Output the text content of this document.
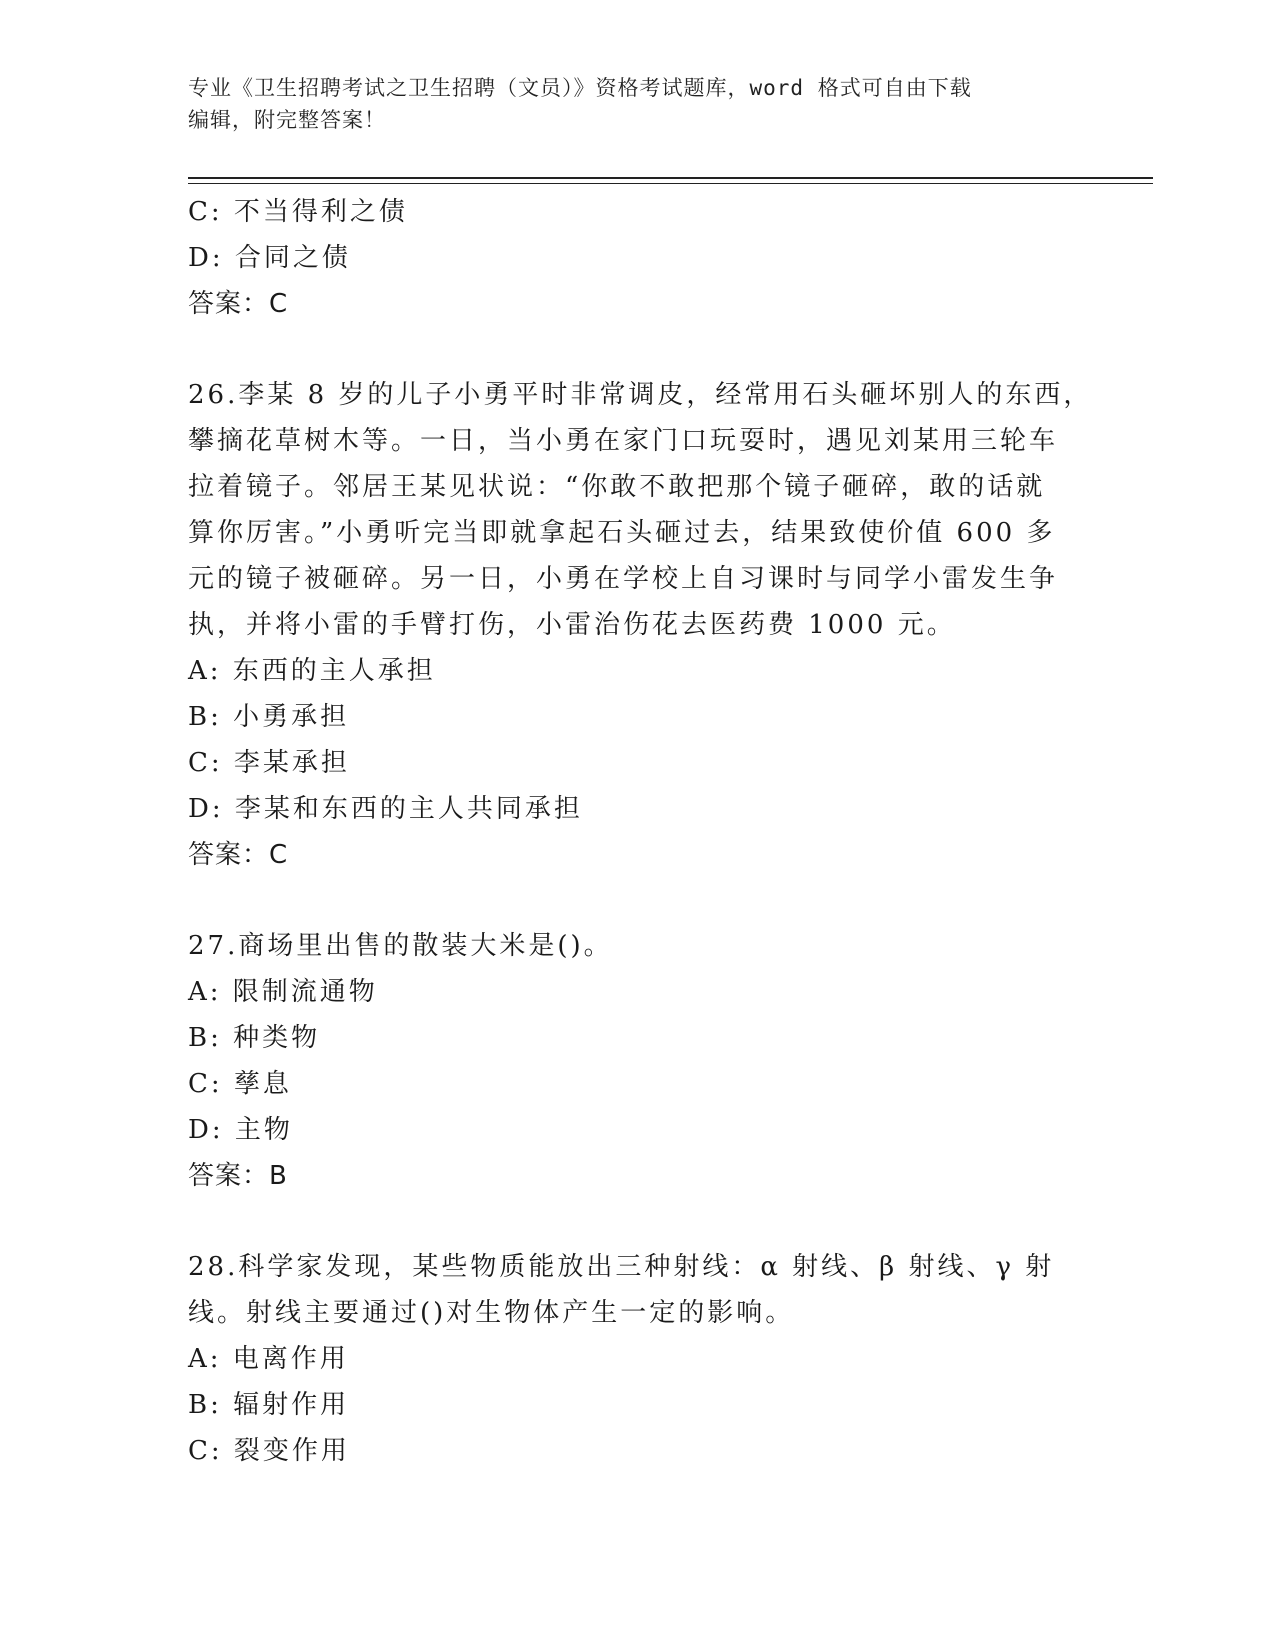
专业《卫生招聘考试之卫生招聘（文员）》资格考试题库，word 格式可自由下载

编辑，附完整答案！

C: 不当得利之债

D: 合同之债

答案：C

26.李某 8 岁的儿子小勇平时非常调皮，经常用石头砸坏别人的东西，

攀摘花草树木等。一日，当小勇在家门口玩耍时，遇见刘某用三轮车

拉着镜子。邻居王某见状说：“你敢不敢把那个镜子砸碎，敢的话就

算你厉害。”小勇听完当即就拿起石头砸过去，结果致使价值 600 多

元的镜子被砸碎。另一日，小勇在学校上自习课时与同学小雷发生争

执，并将小雷的手臂打伤，小雷治伤花去医药费 1000 元。

A: 东西的主人承担

B: 小勇承担

C: 李某承担

D: 李某和东西的主人共同承担

答案：C

27.商场里出售的散装大米是()。

A: 限制流通物

B: 种类物

C: 孳息

D: 主物

答案：B

28.科学家发现，某些物质能放出三种射线：α 射线、β 射线、γ 射

线。射线主要通过()对生物体产生一定的影响。

A: 电离作用

B: 辐射作用

C: 裂变作用
